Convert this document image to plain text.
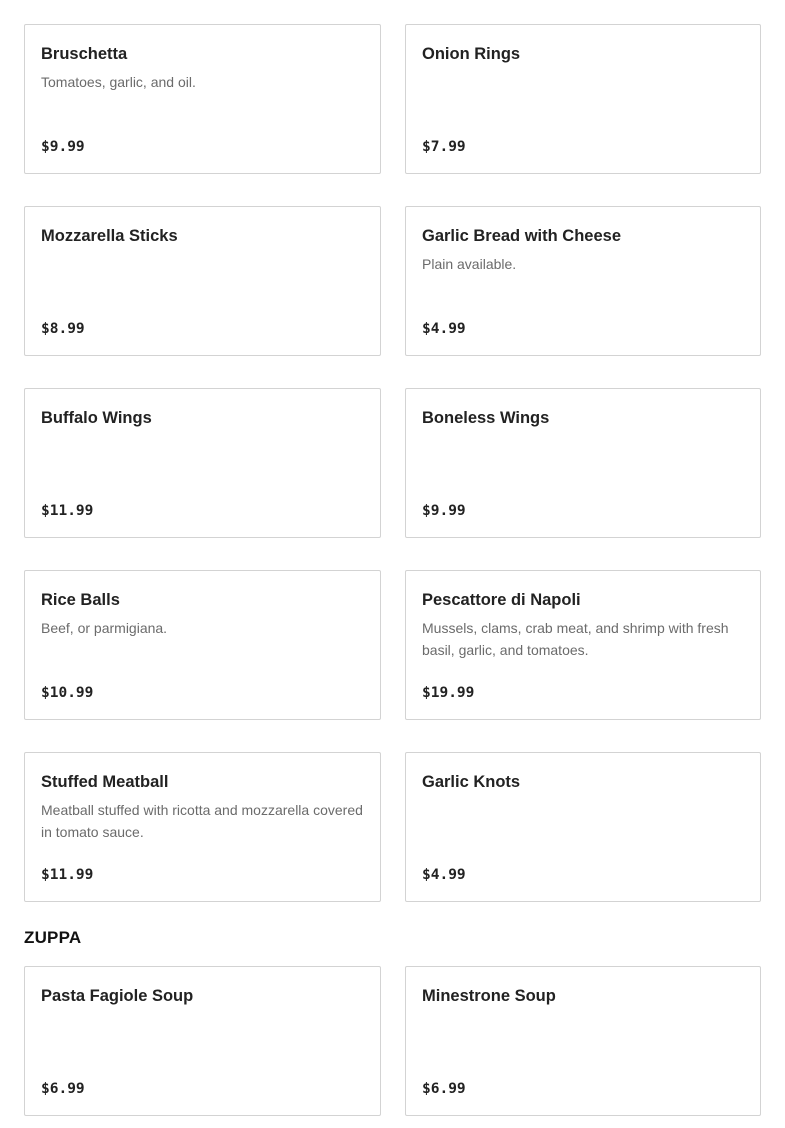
Bruschetta
Tomatoes, garlic, and oil.
$9.99
Onion Rings
$7.99
Mozzarella Sticks
$8.99
Garlic Bread with Cheese
Plain available.
$4.99
Buffalo Wings
$11.99
Boneless Wings
$9.99
Rice Balls
Beef, or parmigiana.
$10.99
Pescattore di Napoli
Mussels, clams, crab meat, and shrimp with fresh basil, garlic, and tomatoes.
$19.99
Stuffed Meatball
Meatball stuffed with ricotta and mozzarella covered in tomato sauce.
$11.99
Garlic Knots
$4.99
ZUPPA
Pasta Fagiole Soup
$6.99
Minestrone Soup
$6.99
